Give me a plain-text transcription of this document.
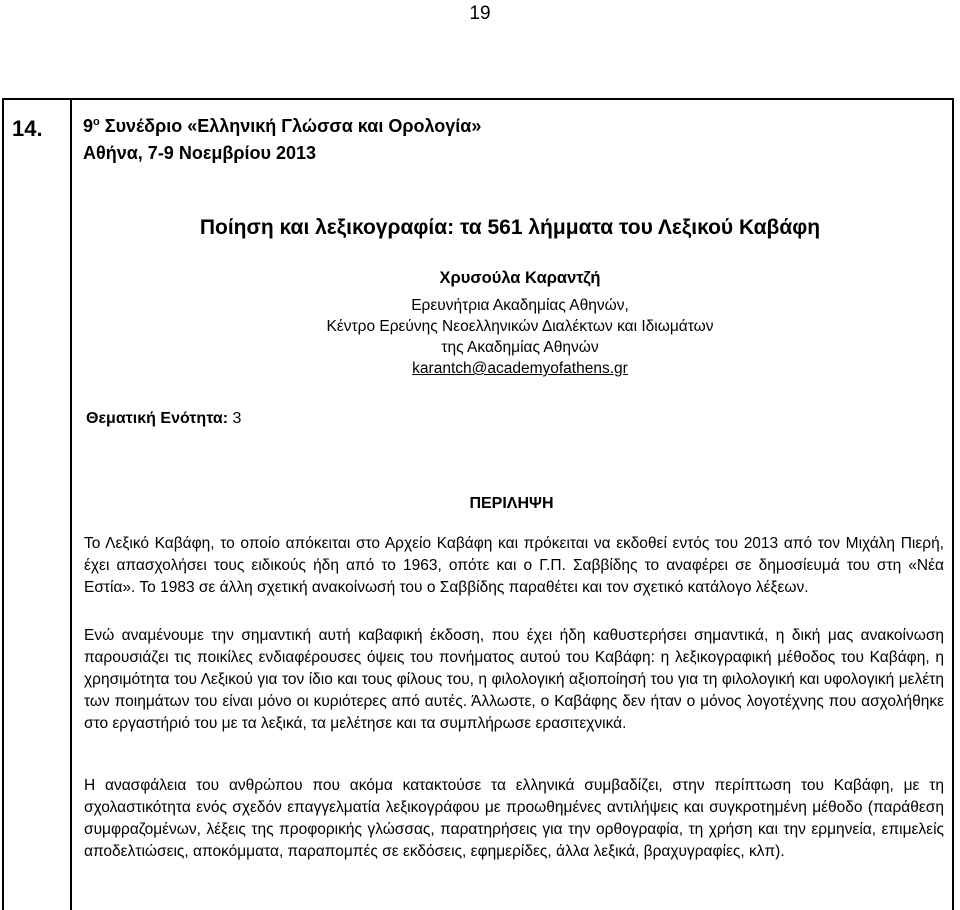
19
14. $9^o$ Συνέδριο «Ελληνική Γλώσσα και Ορολογία»
Αθήνα, 7-9 Νοεμβρίου 2013
Ποίηση και λεξικογραφία: τα 561 λήμματα του Λεξικού Καβάφη
Χρυσούλα Καραντζή
Ερευνήτρια Ακαδημίας Αθηνών,
Κέντρο Ερεύνης Νεοελληνικών Διαλέκτων και Ιδιωμάτων
της Ακαδημίας Αθηνών
karantch@academyofathens.gr
Θεματική Ενότητα: 3
ΠΕΡΙΛΗΨΗ

Το Λεξικό Καβάφη, το οποίο απόκειται στο Αρχείο Καβάφη και πρόκειται να εκδοθεί εντός του 2013 από τον Μιχάλη Πιερή, έχει απασχολήσει τους ειδικούς ήδη από το 1963, οπότε και ο Γ.Π. Σαββίδης το αναφέρει σε δημοσίευμά του στη «Νέα Εστία». Το 1983 σε άλλη σχετική ανακοίνωσή του ο Σαββίδης παραθέτει και τον σχετικό κατάλογο λέξεων.

Ενώ αναμένουμε την σημαντική αυτή καβαφική έκδοση, που έχει ήδη καθυστερήσει σημαντικά, η δική μας ανακοίνωση παρουσιάζει τις ποικίλες ενδιαφέρουσες όψεις του πονήματος αυτού του Καβάφη: η λεξικογραφική μέθοδος του Καβάφη, η χρησιμότητα του Λεξικού για τον ίδιο και τους φίλους του, η φιλολογική αξιοποίησή του για τη φιλολογική και υφολογική μελέτη των ποιημάτων του είναι μόνο οι κυριότερες από αυτές. Άλλωστε, ο Καβάφης δεν ήταν ο μόνος λογοτέχνης που ασχολήθηκε στο εργαστήριό του με τα λεξικά, τα μελέτησε και τα συμπλήρωσε ερασιτεχνικά.

Η ανασφάλεια του ανθρώπου που ακόμα κατακτούσε τα ελληνικά συμβαδίζει, στην περίπτωση του Καβάφη, με τη σχολαστικότητα ενός σχεδόν επαγγελματία λεξικογράφου με προωθημένες αντιλήψεις και συγκροτημένη μέθοδο (παράθεση συμφραζομένων, λέξεις της προφορικής γλώσσας, παρατηρήσεις για την ορθογραφία, τη χρήση και την ερμηνεία, επιμελείς αποδελτιώσεις, αποκόμματα, παραπομπές σε εκδόσεις, εφημερίδες, άλλα λεξικά, βραχυγραφίες, κλπ).
